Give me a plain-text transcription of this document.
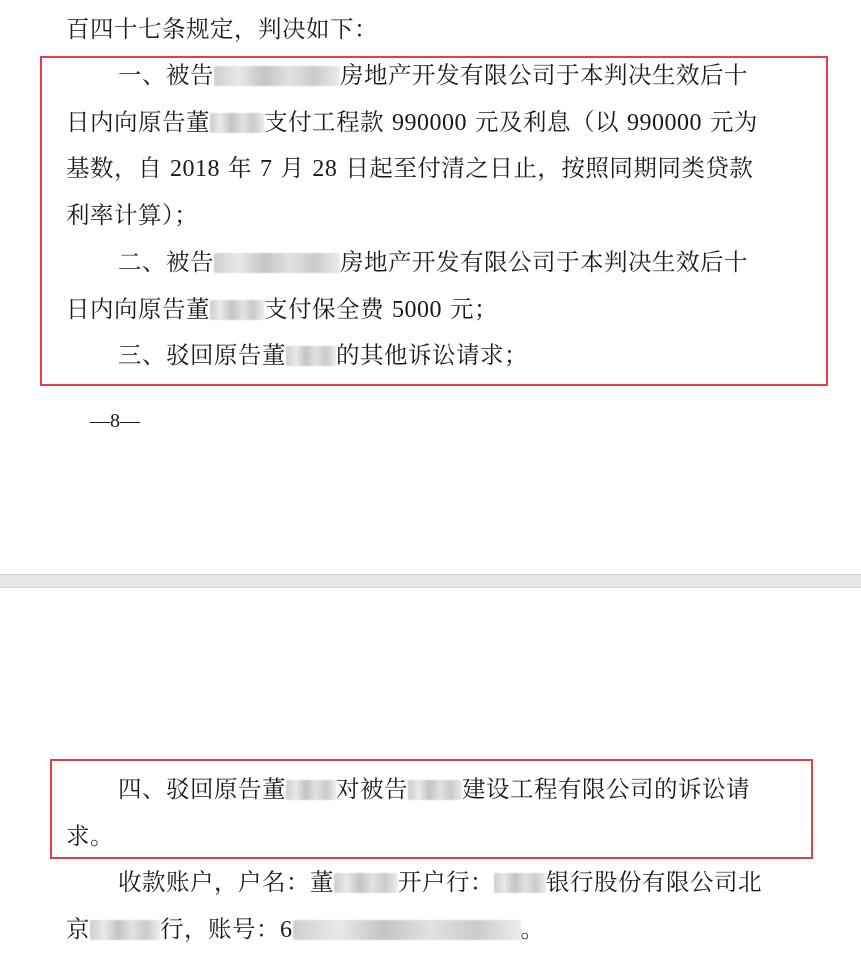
百四十七条规定，判决如下：
一、被告	房地产开发有限公司于本判决生效后十
日内向原告董 支付工程款 990000 元及利息（以 990000 元为
基数，自 2018 年 7 月 28 日起至付清之日止，按照同期同类贷款
利率计算）；
二、被告	房地产开发有限公司于本判决生效后十
日内向原告董 支付保全费 5000 元；
三、驳回原告董 的其他诉讼请求；
—8—
四、驳回原告董 对被告 建设工程有限公司的诉讼请
求。
收款账户，户名：董	开户行： 银行股份有限公司北
京	行，账号：6	。
